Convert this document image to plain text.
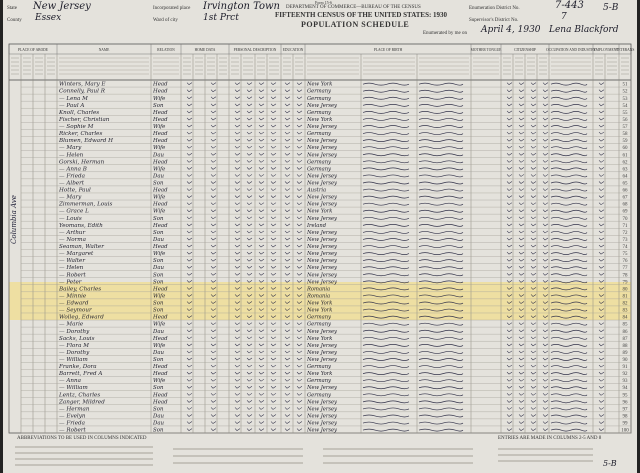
State New Jersey
County Essex
Incorporated place Irvington Town
Ward of city	1st Prct
Form 15-6
DEPARTMENT OF COMMERCE—BUREAU OF THE CENSUS
FIFTEENTH CENSUS OF THE UNITED STATES: 1930
POPULATION SCHEDULE
Enumeration District No.	7-443
Supervisor's District No.	7
5-B
Enumerated by me on April 4, 1930 Lena Blackford
PLACE OF ABODE	NAME	RELATION	HOME DATA	PERSONAL DESCRIPTION EDUCATION	PLACE OF BIRTH	MOTHER TONGUE	CITIZENSHIP	OCCUPATION AND INDUSTRY
EMPLOYMENT
VETERANS
Columbia Ave
51
Winters, Mary E	Head	New York
52
Connelly, Paul R	Head	Germany
53
— Lena M	Wife	Germany
54
— Paul A	Son	New Jersey
55
Knoll, Charles	Head	Germany
56
Fischer, Christian	Head	New York
57
— Sophie M	Wife	New Jersey
58
Ricker, Charles	Head	Germany
59
Blumen, Edward H	Head	New Jersey
60
— Mary	Wife	New Jersey
61
— Helen	Dau	New Jersey
62
Gorski, Herman	Head	Germany
63
— Anna B	Wife	Germany
64
— Frieda	Dau	New Jersey
65
— Albert	Son	New Jersey
66
Hotte, Paul	Head	Austria
67
— Mary	Wife	New Jersey
68
Zimmerman, Louis	Head	New Jersey
69
— Grace L	Wife	New York
70
— Louis	Son	New Jersey
71
Yeomans, Edith	Head	Ireland
72
— Arthur	Son	New Jersey
73
— Norma	Dau	New Jersey
74
Seaman, Walter	Head	New Jersey
75
— Margaret	Wife	New Jersey
76
— Walter	Son	New Jersey
77
— Helen	Dau	New Jersey
78
— Robert	Son	New Jersey
79
— Peter	Son	New Jersey
80
Bailey, Charles	Head	Romania
81
— Minnie	Wife	Romania
82
— Edward	Son	New York
83
— Seymour	Son	New York
84
Wolleg, Edward	Head	Germany
85
— Marie	Wife	Germany
86
— Dorothy	Dau	New Jersey
87
Sacks, Louis	Head	New York
88
— Flora M	Wife	New Jersey
89
— Dorothy	Dau	New Jersey
90
— William	Son	New Jersey
91
Franke, Dora	Head	Germany
92
Barrett, Fred A	Head	New York
93
— Anna	Wife	Germany
94
— William	Son	New Jersey
95
Lentz, Charles	Head	Germany
96
Zanger, Mildred	Head	New Jersey
97
— Herman	Son	New Jersey
98
— Evelyn	Dau	New Jersey
99
— Frieda	Dau	New Jersey
100
— Robert	Son	New Jersey
ABBREVIATIONS TO BE USED IN COLUMNS INDICATED	ENTRIES ARE MADE IN COLUMNS 2-5 AND 8
5-B
